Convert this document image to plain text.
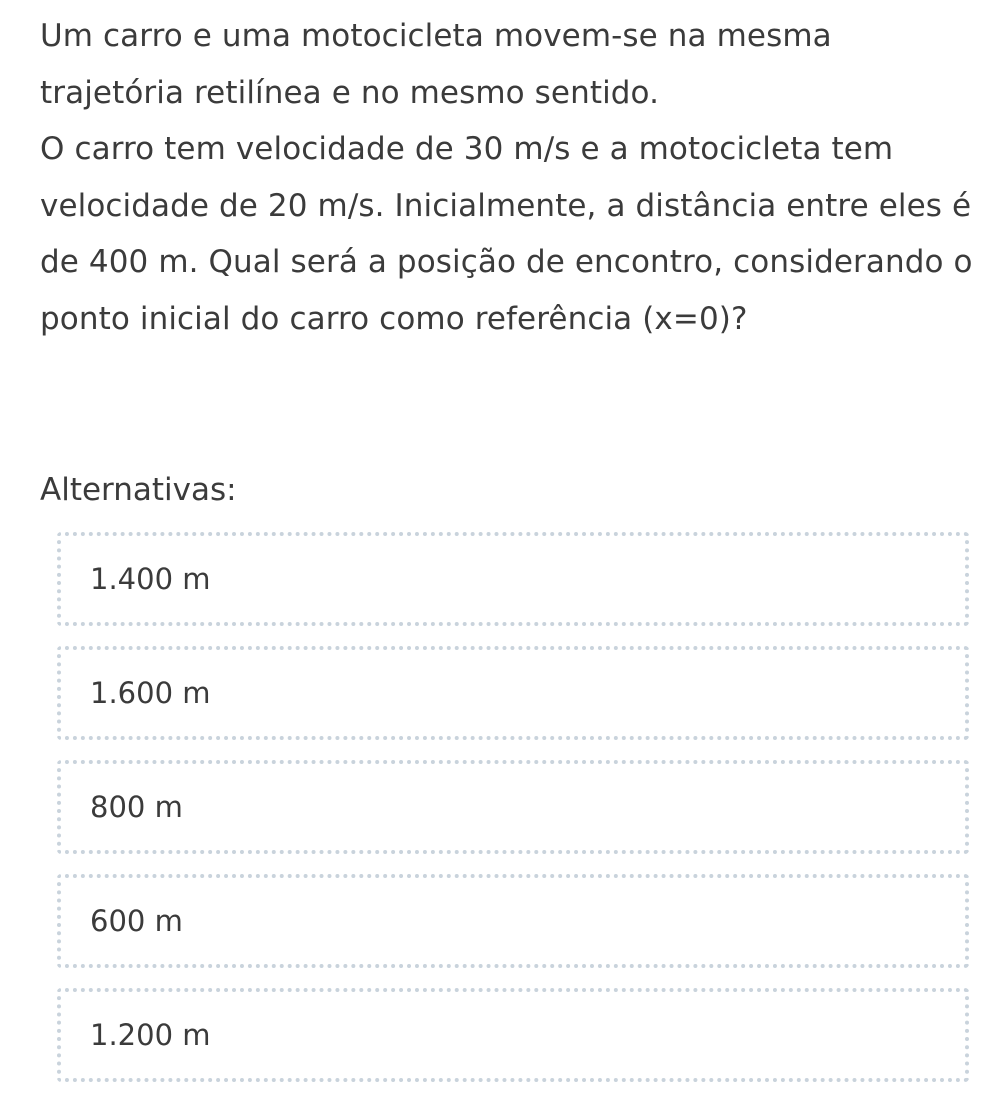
Um carro e uma motocicleta movem-se na mesma trajetória retilínea e no mesmo sentido.

O carro tem velocidade de 30 m/s e a motocicleta tem velocidade de 20 m/s. Inicialmente, a distância entre eles é de 400 m. Qual será a posição de encontro, considerando o ponto inicial do carro como referência (x=0)?

Alternativas:
1.400 m
1.600 m
800 m
600 m
1.200 m
